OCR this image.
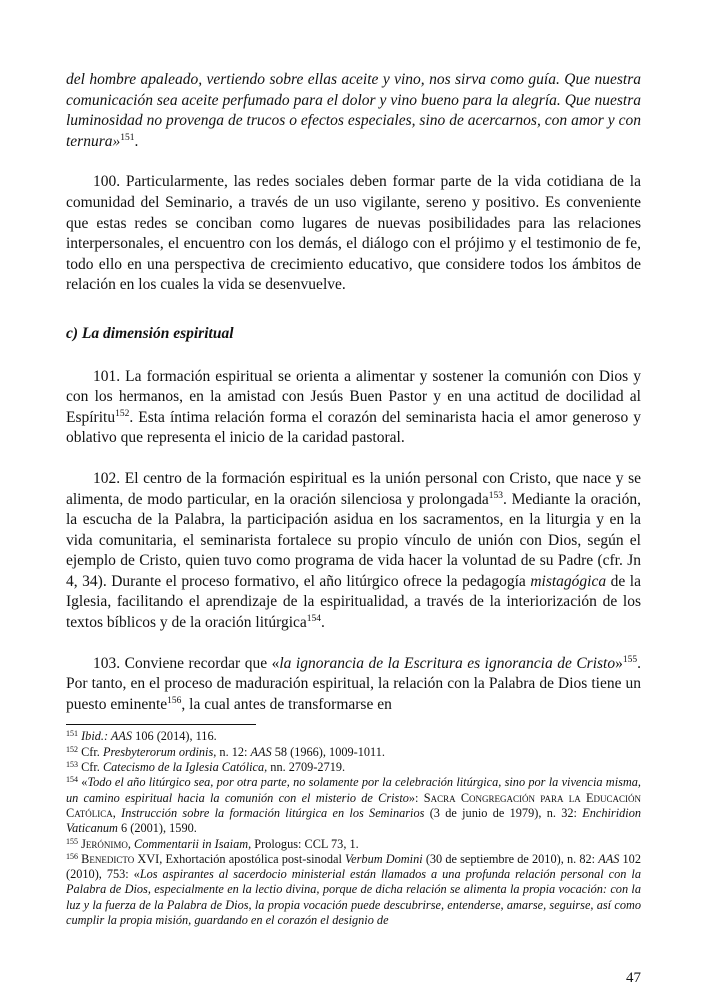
del hombre apaleado, vertiendo sobre ellas aceite y vino, nos sirva como guía. Que nuestra comunicación sea aceite perfumado para el dolor y vino bueno para la alegría. Que nuestra luminosidad no provenga de trucos o efectos especiales, sino de acercarnos, con amor y con ternura»$^{151}$.

100. Particularmente, las redes sociales deben formar parte de la vida cotidiana de la comunidad del Seminario, a través de un uso vigilante, sereno y positivo. Es conveniente que estas redes se conciban como lugares de nuevas posibilidades para las relaciones interpersonales, el encuentro con los demás, el diálogo con el prójimo y el testimonio de fe, todo ello en una perspectiva de crecimiento educativo, que considere todos los ámbitos de relación en los cuales la vida se desenvuelve.

c) La dimensión espiritual

101. La formación espiritual se orienta a alimentar y sostener la comunión con Dios y con los hermanos, en la amistad con Jesús Buen Pastor y en una actitud de docilidad al Espíritu$^{152}$. Esta íntima relación forma el corazón del seminarista hacia el amor generoso y oblativo que representa el inicio de la caridad pastoral.

102. El centro de la formación espiritual es la unión personal con Cristo, que nace y se alimenta, de modo particular, en la oración silenciosa y prolongada$^{153}$. Mediante la oración, la escucha de la Palabra, la participación asidua en los sacramentos, en la liturgia y en la vida comunitaria, el seminarista fortalece su propio vínculo de unión con Dios, según el ejemplo de Cristo, quien tuvo como programa de vida hacer la voluntad de su Padre (cfr. Jn 4, 34). Durante el proceso formativo, el año litúrgico ofrece la pedagogía mistagógica de la Iglesia, facilitando el aprendizaje de la espiritualidad, a través de la interiorización de los textos bíblicos y de la oración litúrgica$^{154}$.

103. Conviene recordar que «la ignorancia de la Escritura es ignorancia de Cristo»$^{155}$. Por tanto, en el proceso de maduración espiritual, la relación con la Palabra de Dios tiene un puesto eminente$^{156}$, la cual antes de transformarse en

$^{151}$ Ibid.: AAS 106 (2014), 116.
$^{152}$ Cfr. Presbyterorum ordinis, n. 12: AAS 58 (1966), 1009-1011.
$^{153}$ Cfr. Catecismo de la Iglesia Católica, nn. 2709-2719.
$^{154}$ «Todo el año litúrgico sea, por otra parte, no solamente por la celebración litúrgica, sino por la vivencia misma, un camino espiritual hacia la comunión con el misterio de Cristo»: Sacra Congregación para la Educación Católica, Instrucción sobre la formación litúrgica en los Seminarios (3 de junio de 1979), n. 32: Enchiridion Vaticanum 6 (2001), 1590.
$^{155}$ Jerónimo, Commentarii in Isaiam, Prologus: CCL 73, 1.
$^{156}$ Benedicto XVI, Exhortación apostólica post-sinodal Verbum Domini (30 de septiembre de 2010), n. 82: AAS 102 (2010), 753: «Los aspirantes al sacerdocio ministerial están llamados a una profunda relación personal con la Palabra de Dios, especialmente en la lectio divina, porque de dicha relación se alimenta la propia vocación: con la luz y la fuerza de la Palabra de Dios, la propia vocación puede descubrirse, entenderse, amarse, seguirse, así como cumplir la propia misión, guardando en el corazón el designio de
47
